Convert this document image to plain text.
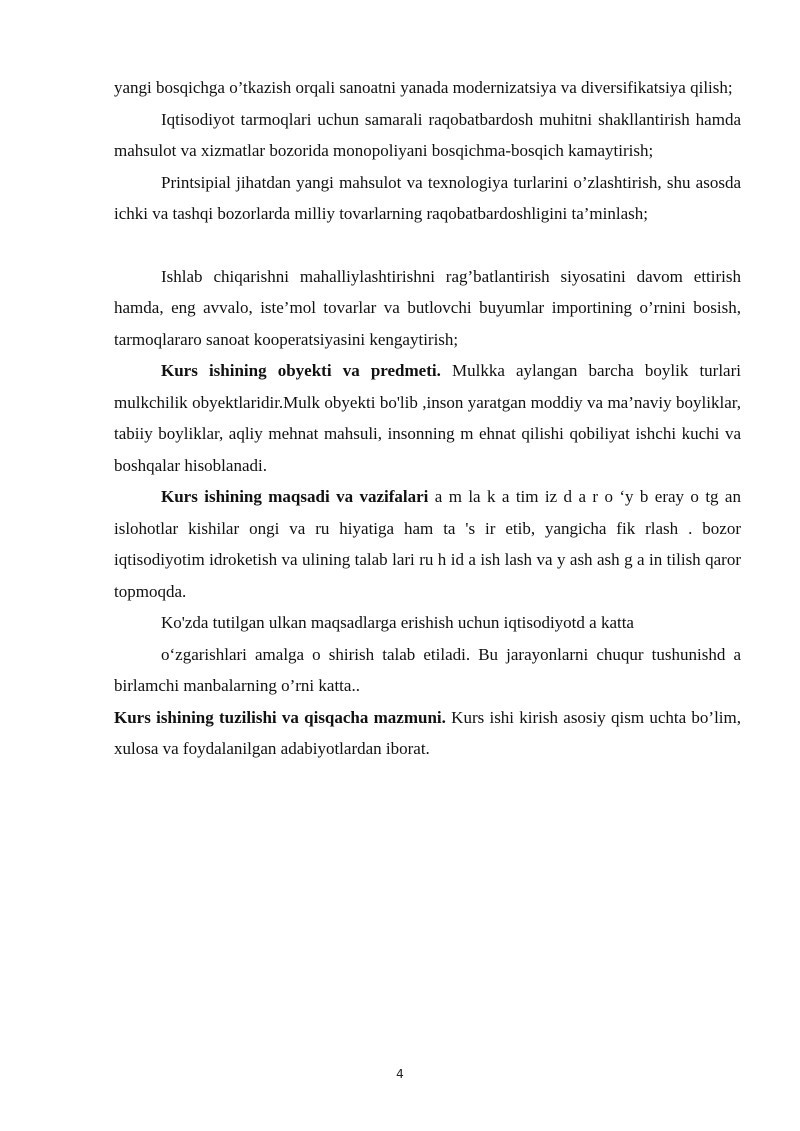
yangi bosqichga o’tkazish orqali sanoatni yanada modernizatsiya va diversifikatsiya qilish;

Iqtisodiyot tarmoqlari uchun samarali raqobatbardosh muhitni shakllantirish hamda mahsulot va xizmatlar bozorida monopoliyani bosqichma-bosqich kamaytirish;

Printsipial jihatdan yangi mahsulot va texnologiya turlarini o’zlashtirish, shu asosda ichki va tashqi bozorlarda milliy tovarlarning raqobatbardoshligini ta’minlash;

Ishlab chiqarishni mahalliylashtirishni rag’batlantirish siyosatini davom ettirish hamda, eng avvalo, iste’mol tovarlar va butlovchi buyumlar importining o’rnini bosish, tarmoqlararo sanoat kooperatsiyasini kengaytirish;

Kurs ishining obyekti va predmeti. Mulkka aylangan barcha boylik turlari mulkchilik obyektlaridir.Mulk obyekti bo'lib ,inson yaratgan moddiy va ma’naviy boyliklar, tabiiy boyliklar, aqliy mehnat mahsuli, insonning m ehnat qilishi qobiliyat ishchi kuchi va boshqalar hisoblanadi.

Kurs ishining maqsadi va vazifalari a m la k a tim iz d a r o ‘y b eray o tg an islohotlar kishilar ongi va ru hiyatiga ham ta 's ir etib, yangicha fik rlash . bozor iqtisodiyotim idroketish va ulining talab lari ru h id a ish lash va y ash ash g a in tilish qaror topmoqda.

Ko'zda tutilgan ulkan maqsadlarga erishish uchun iqtisodiyotd a katta

o‘zgarishlari amalga o shirish talab etiladi. Bu jarayonlarni chuqur tushunishd a birlamchi manbalarning o’rni katta..

Kurs ishining tuzilishi va qisqacha mazmuni. Kurs ishi kirish asosiy qism uchta bo’lim, xulosa va foydalanilgan adabiyotlardan iborat.

4
